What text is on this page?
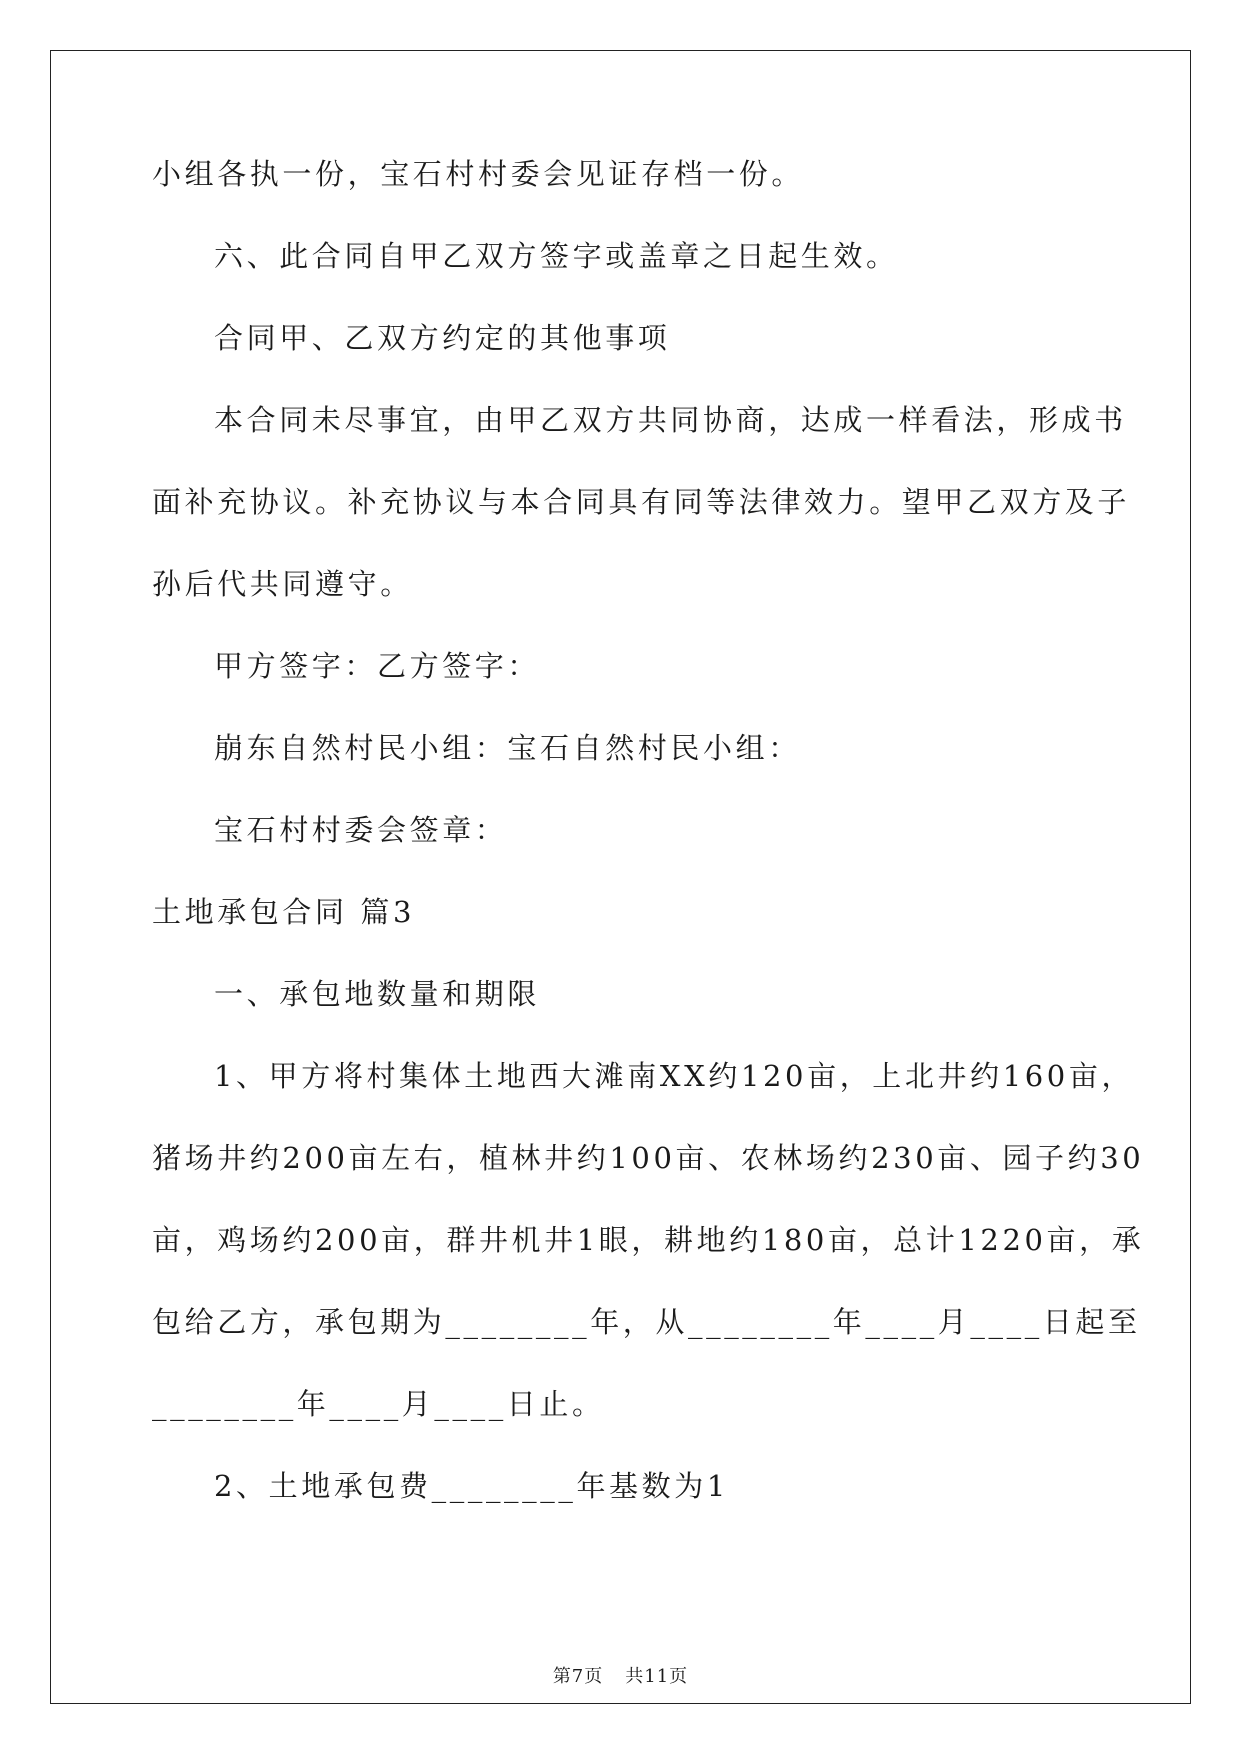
小组各执一份，宝石村村委会见证存档一份。

六、此合同自甲乙双方签字或盖章之日起生效。

合同甲、乙双方约定的其他事项

本合同未尽事宜，由甲乙双方共同协商，达成一样看法，形成书
面补充协议。补充协议与本合同具有同等法律效力。望甲乙双方及子
孙后代共同遵守。

甲方签字：乙方签字：

崩东自然村民小组：宝石自然村民小组：

宝石村村委会签章：

土地承包合同 篇3

一、承包地数量和期限

1、甲方将村集体土地西大滩南XX约120亩，上北井约160亩，
猪场井约200亩左右，植林井约100亩、农林场约230亩、园子约30
亩，鸡场约200亩，群井机井1眼，耕地约180亩，总计1220亩，承
包给乙方，承包期为________年，从________年____月____日起至
________年____月____日止。

2、土地承包费________年基数为1

第7页 共11页
